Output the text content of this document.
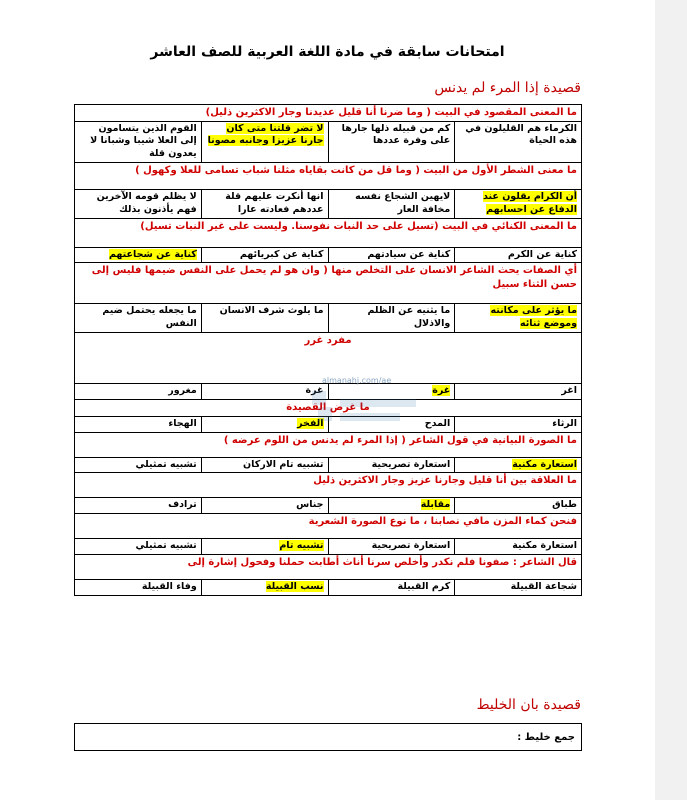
امتحانات سابقة في مادة اللغة العربية للصف العاشر
قصيدة إذا المرء لم يدنس
ما المعنى المقصود في البيت ( وما ضرنا أنا قليل عديدنا وجار الاكثرين ذليل)			
الكرماء هم القليلون في هذه الحياة	كم من قبيله ذلها جارها على وفرة عددها	لا تضر قلتنا متى كان جارنا عزيزا وجانبه مصونا	القوم الذين يتسامون إلى العلا شيبا وشبانا لا يعدون قلة
ما معنى الشطر الأول من البيت ( وما قل من كانت بقاياه مثلنا شباب تسامى للعلا وكهول )			
أن الكرام يقلون عند الدفاع عن احسابهم	لايهين الشجاع نفسه مخافة العار	انها أنكرت عليهم قلة عددهم فعادته عارا	لا يظلم قومه الآخرين فهم يأذنون بذلك
ما المعنى الكنائي في البيت (تسيل على حد النبات نفوسنا. وليست على غير النبات تسيل)			
كناية عن الكرم	كناية عن سيادتهم	كناية عن كبريائهم	كناية عن شجاعتهم
أي الصفات يحث الشاعر الانسان على التخلص منها ( وان هو لم يحمل على النفس ضيمها فليس إلى حسن الثناء سبيل			
ما يؤثر على مكانته وموضع ثنائه	ما يثنيه عن الظلم والاذلال	ما يلوث شرف الانسان	ما يجعله يحتمل ضيم النفس

مفرد غرر			

اغر	غرة	غرة	مغرور

ما غرض القصيدة			

الرثاء	المدح	الفخر	الهجاء
ما الصورة البيانية في قول الشاعر ( إذا المرء لم يدنس من اللوم عرضه )			
استعارة مكنية	استعارة تصريحية	تشبيه تام الاركان	تشبيه تمثيلي
ما العلاقة بين أنا قليل وجارنا عزيز وجار الاكثرين ذليل			
طباق	مقابلة	جناس	ترادف
فنحن كماء المزن مافي نصابنا ، ما نوع الصورة الشعرية			
استعارة مكنية	استعارة تصريحية	تشبيه تام	تشبيه تمثيلي
قال الشاعر : صفونا فلم نكدر وأخلص سرنا أناث أطابت حملنا وفحول إشارة إلى			
شجاعة القبيلة	كرم القبيلة	نسب القبيلة	وفاء القبيلة
قصيدة بان الخليط
جمع خليط :
almanahj.com/ae
